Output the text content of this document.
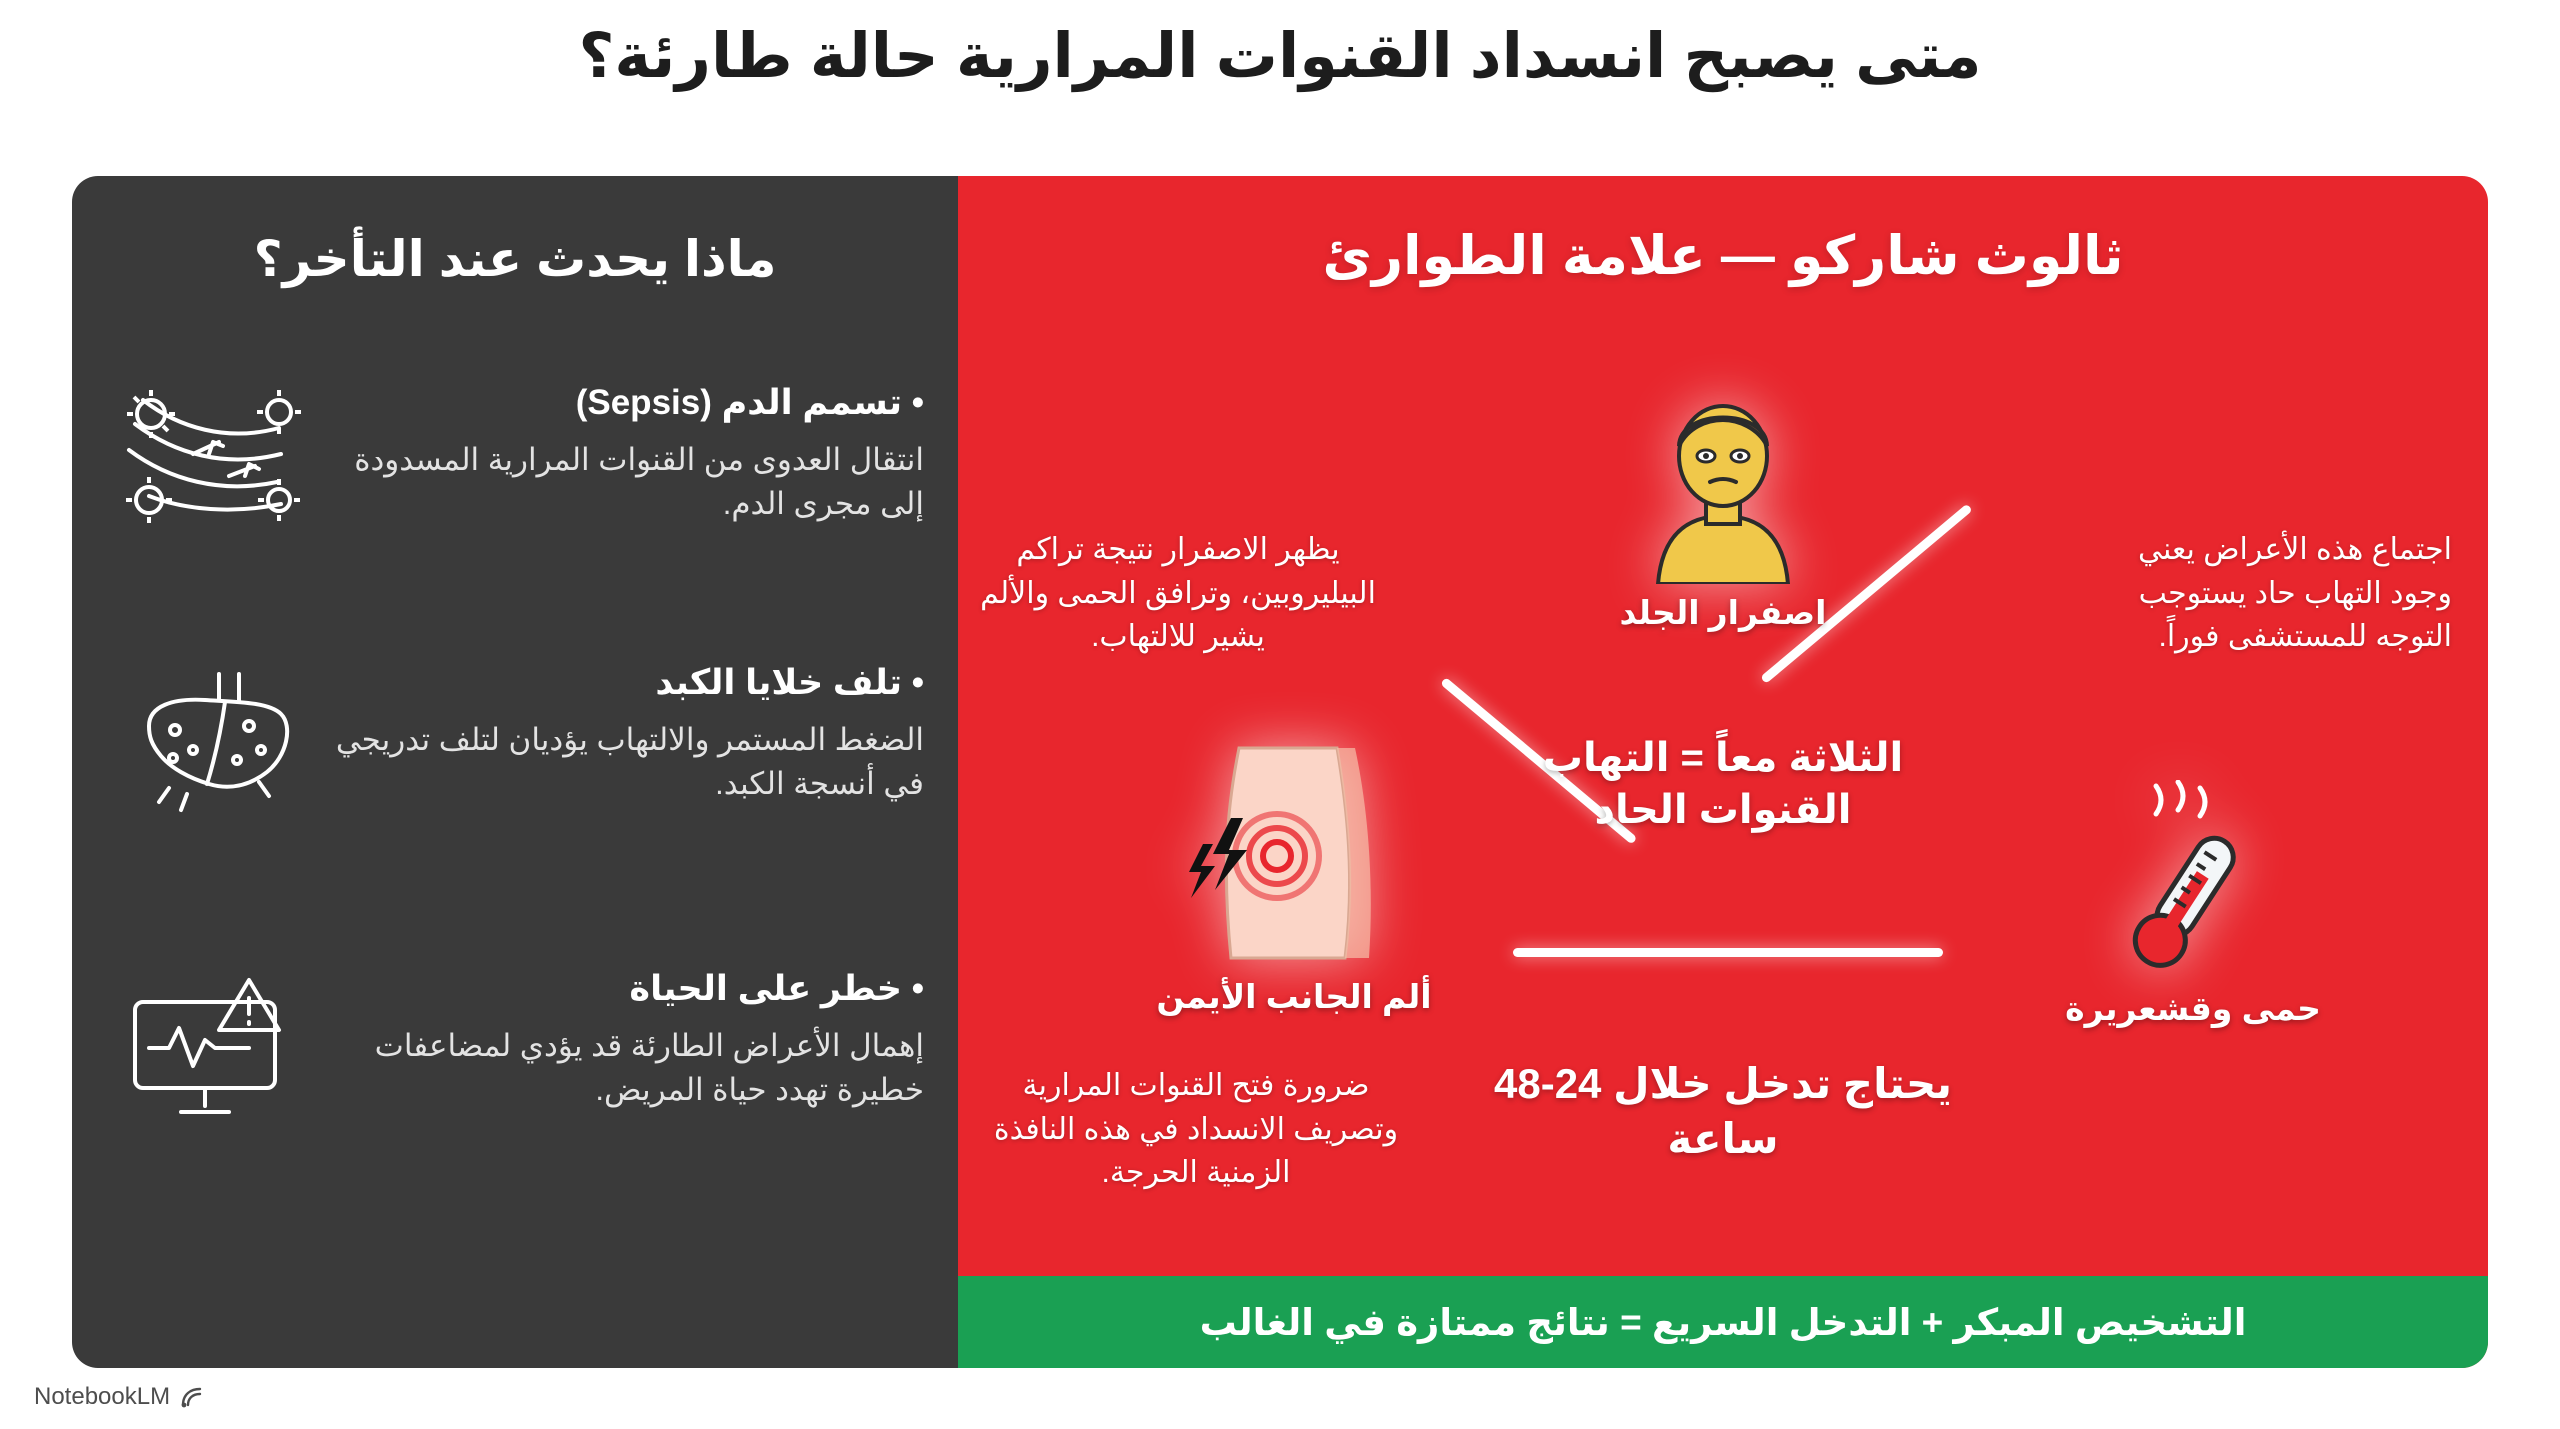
متى يصبح انسداد القنوات المرارية حالة طارئة؟
ثالوث شاركو — علامة الطوارئ
اجتماع هذه الأعراض يعني وجود التهاب حاد يستوجب التوجه للمستشفى فوراً.
يظهر الاصفرار نتيجة تراكم البيليروبين، وترافق الحمى والألم يشير للالتهاب.
ضرورة فتح القنوات المرارية وتصريف الانسداد في هذه النافذة الزمنية الحرجة.
الثلاثة معاً = التهاب القنوات الحاد
اصفرار الجلد
حمى وقشعريرة
ألم الجانب الأيمن
يحتاج تدخل خلال 24-48 ساعة
التشخيص المبكر + التدخل السريع = نتائج ممتازة في الغالب
ماذا يحدث عند التأخر؟
• تسمم الدم (Sepsis)
انتقال العدوى من القنوات المرارية المسدودة إلى مجرى الدم.
• تلف خلايا الكبد
الضغط المستمر والالتهاب يؤديان لتلف تدريجي في أنسجة الكبد.
• خطر على الحياة
إهمال الأعراض الطارئة قد يؤدي لمضاعفات خطيرة تهدد حياة المريض.
NotebookLM
